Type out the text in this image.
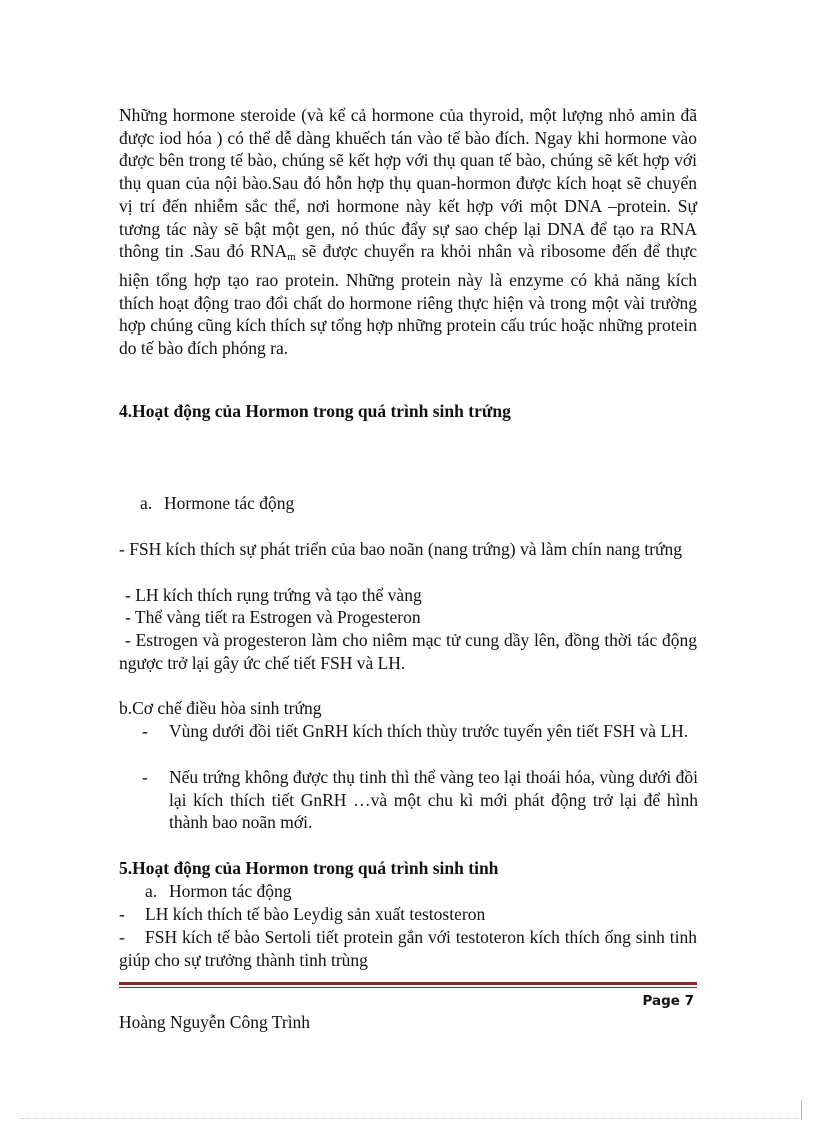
Những hormone steroide (và kể cả hormone của thyroid, một lượng nhỏ amin đã được iod hóa ) có thể dễ dàng khuếch tán vào tế bào đích. Ngay khi hormone vào được bên trong tế bào, chúng sẽ kết hợp với thụ quan tế bào, chúng sẽ kết hợp với thụ quan của nội bào.Sau đó hỗn hợp thụ quan-hormon được kích hoạt sẽ chuyển vị trí đến nhiễm sắc thể, nơi hormone này kết hợp với một DNA –protein. Sự tương tác này sẽ bật một gen, nó thúc đẩy sự sao chép lại DNA để tạo ra RNA thông tin .Sau đó $RNA_m$ sẽ được chuyển ra khỏi nhân và ribosome đến để thực hiện tổng hợp tạo rao protein. Những protein này là enzyme có khả năng kích thích hoạt động trao đổi chất do hormone riêng thực hiện và trong một vài trường hợp chúng cũng kích thích sự tổng hợp những protein cấu trúc hoặc những protein do tế bào đích phóng ra.

4.Hoạt động của Hormon trong quá trình sinh trứng

a. Hormone tác động

- FSH kích thích sự phát triển của bao noãn (nang trứng) và làm chín nang trứng

- LH kích thích rụng trứng và tạo thể vàng

- Thể vàng tiết ra Estrogen và Progesteron

- Estrogen và progesteron làm cho niêm mạc tử cung dầy lên, đồng thời tác động ngược trở lại gây ức chế tiết FSH và LH.

b.Cơ chế điều hòa sinh trứng

- Vùng dưới đồi tiết GnRH kích thích thùy trước tuyến yên tiết FSH và LH.
- Nếu trứng không được thụ tinh thì thể vàng teo lại thoái hóa, vùng dưới đồi lại kích thích tiết GnRH …và một chu kì mới phát động trở lại để hình thành bao noãn mới.
5.Hoạt động của Hormon trong quá trình sinh tinh

a. Hormon tác động

- LH kích thích tế bào Leydig sản xuất testosteron
-	FSH kích tế bào Sertoli tiết protein gắn với testoteron kích thích ống sinh tinh giúp cho sự trưởng thành tinh trùng
Page 7
Hoàng Nguyễn Công Trình
